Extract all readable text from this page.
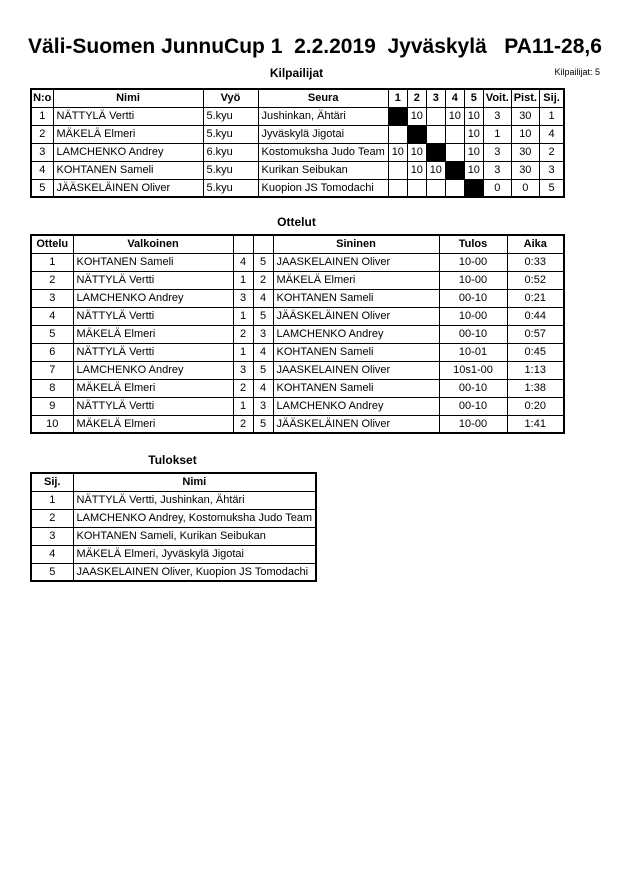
Väli-Suomen JunnuCup 1  2.2.2019  Jyväskylä   PA11-28,6
Kilpailijat	Kilpailijat: 5
N:o	Nimi	Vyö	Seura	1	2	3	4	5	Voit.	Pist.	Sij.
1	NÄTTYLÄ Vertti	5.kyu	Jushinkan, Ähtäri		10		10	10	3	30	1
2	MÄKELÄ Elmeri	5.kyu	Jyväskylä Jigotai					10	1	10	4
3	LAMCHENKO Andrey	6.kyu	Kostomuksha Judo Team	10	10			10	3	30	2
4	KOHTANEN Sameli	5.kyu	Kurikan Seibukan		10	10		10	3	30	3
5	JÄÄSKELÄINEN Oliver	5.kyu	Kuopion JS Tomodachi						0	0	5
Ottelut
Ottelu	Valkoinen			Sininen	Tulos	Aika
1	KOHTANEN Sameli	4	5	JAASKELAINEN Oliver	10-00	0:33
2	NÄTTYLÄ Vertti	1	2	MÄKELÄ Elmeri	10-00	0:52
3	LAMCHENKO Andrey	3	4	KOHTANEN Sameli	00-10	0:21
4	NÄTTYLÄ Vertti	1	5	JÄÄSKELÄINEN Oliver	10-00	0:44
5	MÄKELÄ Elmeri	2	3	LAMCHENKO Andrey	00-10	0:57
6	NÄTTYLÄ Vertti	1	4	KOHTANEN Sameli	10-01	0:45
7	LAMCHENKO Andrey	3	5	JAASKELAINEN Oliver	10s1-00	1:13
8	MÄKELÄ Elmeri	2	4	KOHTANEN Sameli	00-10	1:38
9	NÄTTYLÄ Vertti	1	3	LAMCHENKO Andrey	00-10	0:20
10	MÄKELÄ Elmeri	2	5	JÄÄSKELÄINEN Oliver	10-00	1:41
Tulokset
Sij.	Nimi
1	NÄTTYLÄ Vertti, Jushinkan, Ähtäri
2	LAMCHENKO Andrey, Kostomuksha Judo Team
3	KOHTANEN Sameli, Kurikan Seibukan
4	MÄKELÄ Elmeri, Jyväskylä Jigotai
5	JAASKELAINEN Oliver, Kuopion JS Tomodachi
